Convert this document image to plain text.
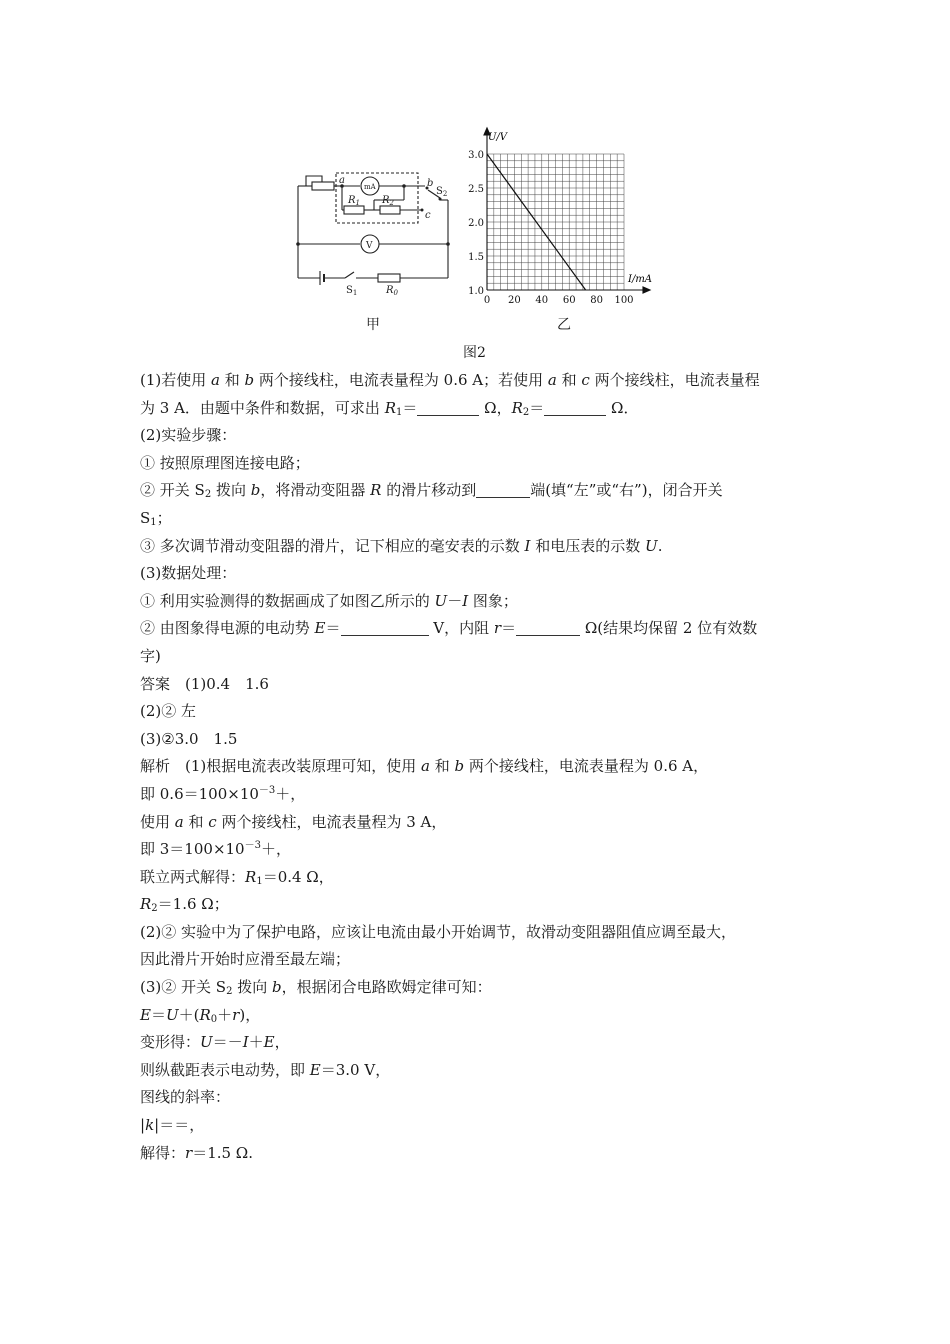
a	b
c
mA
V
$R_1$ $R_2$
$S_2$
$S_1$	$R_0$
甲
0 20 40 60 80 100
1.0
1.5
2.0
2.5
3.0
U/V
I/mA
乙
图2
(1)若使用 a 和 b 两个接线柱，电流表量程为 0.6 A；若使用 a 和 c 两个接线柱，电流表量程
为 3 A．由题中条件和数据，可求出 $R_1=$	Ω，$R_2=$	Ω．
(2)实验步骤：
① 按照原理图连接电路；
② 开关 $S_2$ 拨向 b，将滑动变阻器 R 的滑片移动到	端(填“左”或“右”)，闭合开关
$S_1$；
③ 多次调节滑动变阻器的滑片，记下相应的毫安表的示数 I 和电压表的示数 U.
(3)数据处理：
① 利用实验测得的数据画成了如图乙所示的 U－I 图象；
② 由图象得电源的电动势 E＝	V，内阻 r＝	Ω(结果均保留 2 位有效数
字)
答案　(1)0.4　1.6
(2)② 左
(3)②3.0　1.5
解析　(1)根据电流表改装原理可知，使用 a 和 b 两个接线柱，电流表量程为 0.6 A，
即 $0.6=100\times 10^{-3}+$，
使用 a 和 c 两个接线柱，电流表量程为 3 A，
即 $3=100\times 10^{-3}+$，
联立两式解得：$R_1=0.4$ Ω，
$R_2=1.6$ Ω；
(2)② 实验中为了保护电路，应该让电流由最小开始调节，故滑动变阻器阻值应调至最大，
因此滑片开始时应滑至最左端；
(3)② 开关 $S_2$ 拨向 b，根据闭合电路欧姆定律可知：
$E=U+(R_0+r)$，
变形得：U＝－I＋E，
则纵截距表示电动势，即 E＝3.0 V，
图线的斜率：
|k|＝＝，
解得：r＝1.5 Ω.
